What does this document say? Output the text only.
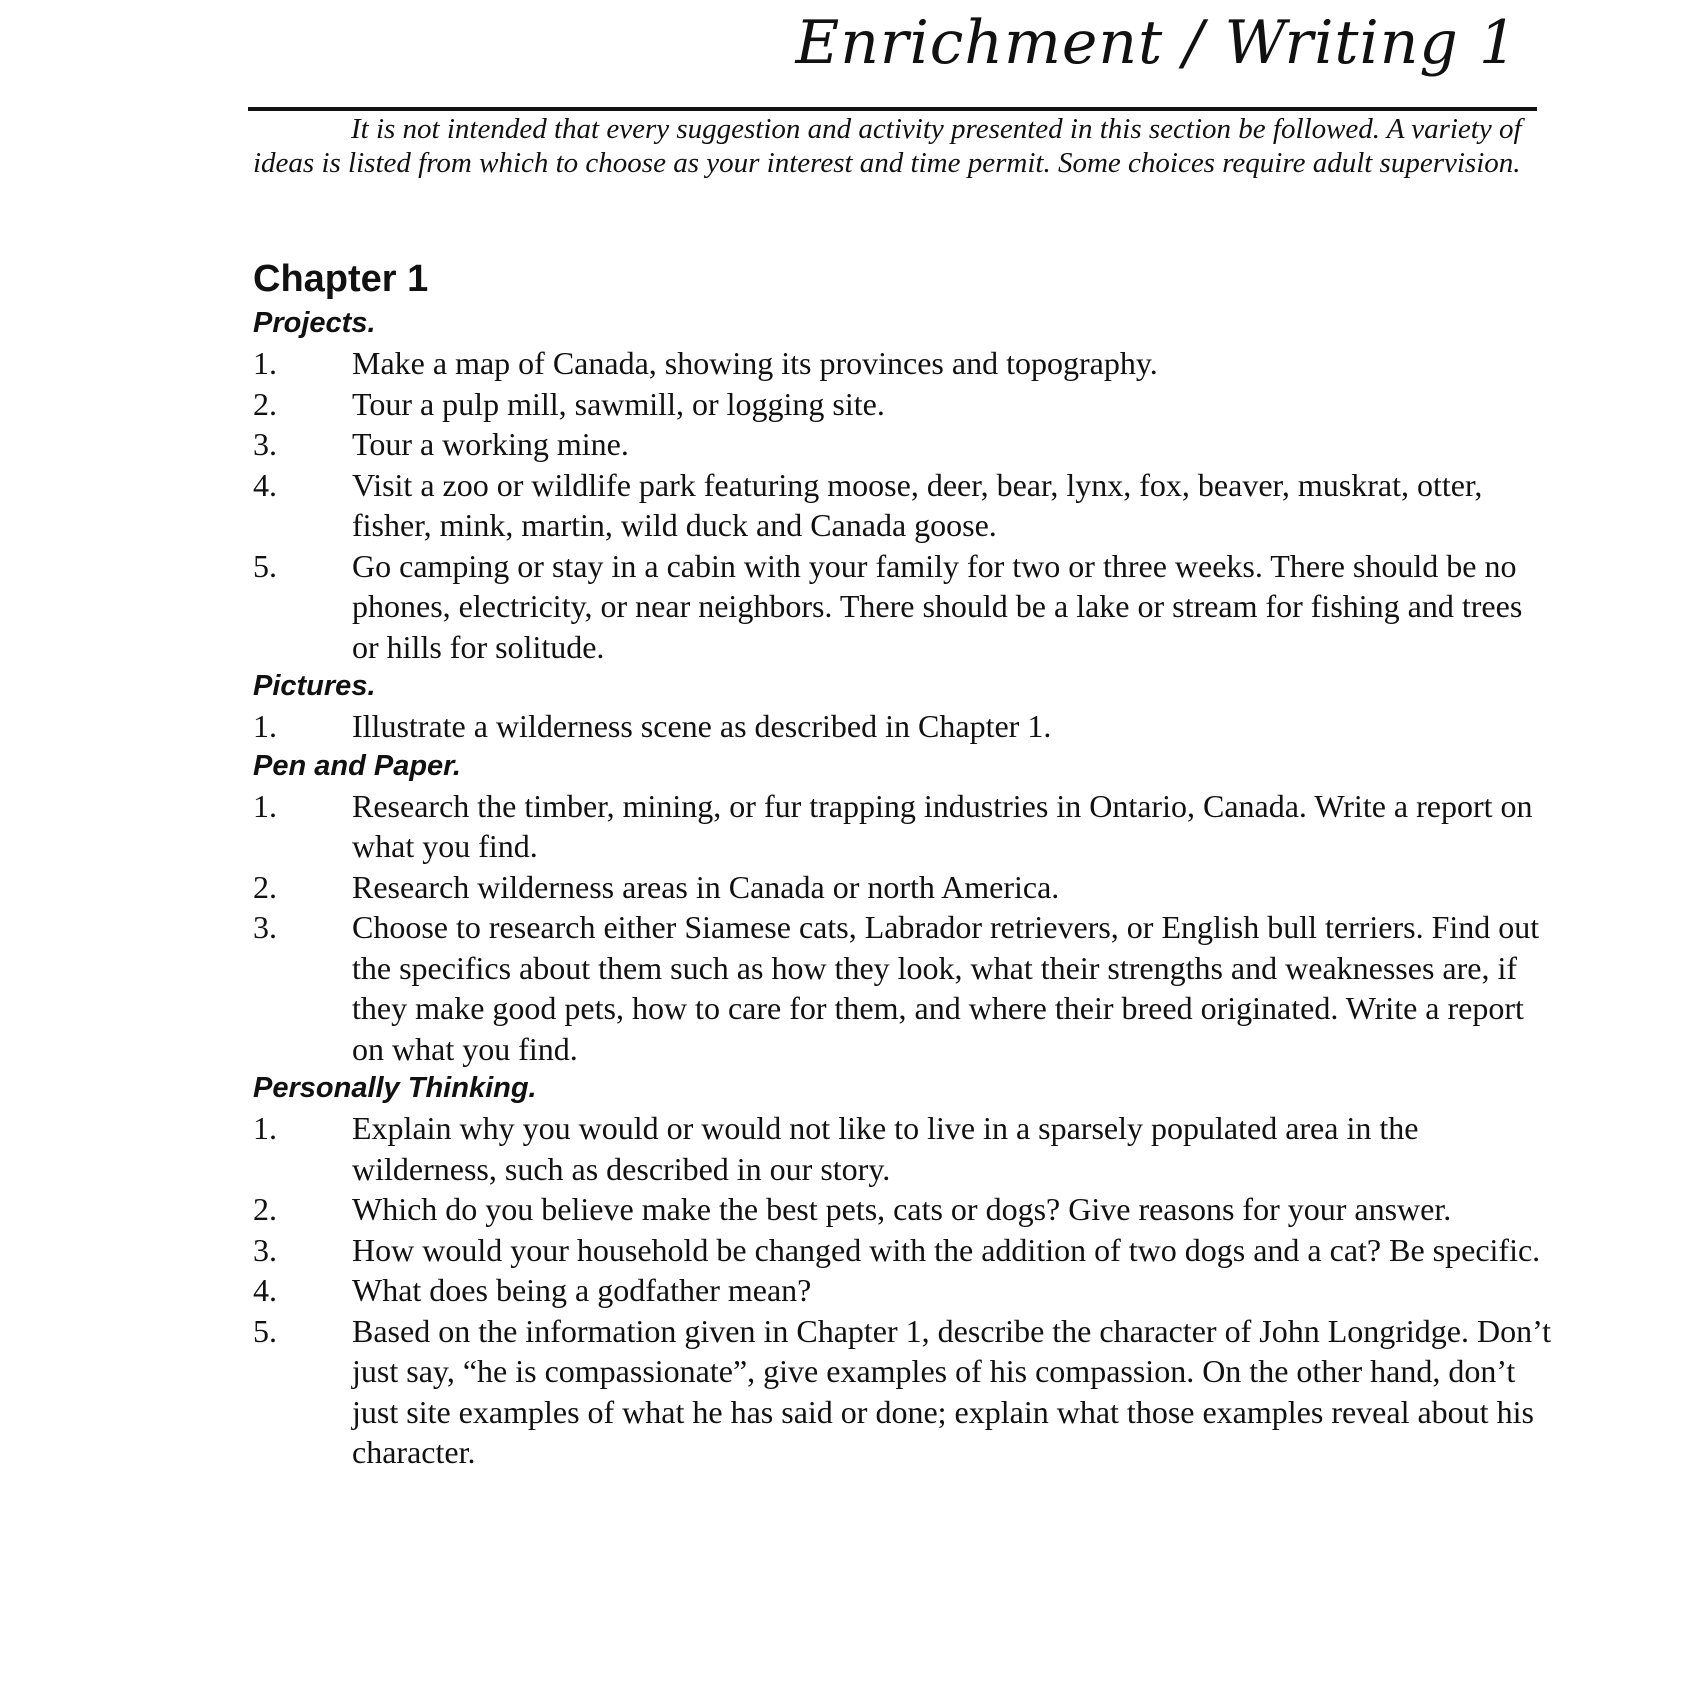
Enrichment / Writing 1

It is not intended that every suggestion and activity presented in this section be followed. A variety of ideas is listed from which to choose as your interest and time permit. Some choices require adult supervision.

Chapter 1
Projects.
1.	Make a map of Canada, showing its provinces and topography.
2.	Tour a pulp mill, sawmill, or logging site.
3.	Tour a working mine.
4.	Visit a zoo or wildlife park featuring moose, deer, bear, lynx, fox, beaver, muskrat, otter, fisher, mink, martin, wild duck and Canada goose.
5.	Go camping or stay in a cabin with your family for two or three weeks. There should be no phones, electricity, or near neighbors. There should be a lake or stream for fishing and trees or hills for solitude.
Pictures.
1.	Illustrate a wilderness scene as described in Chapter 1.
Pen and Paper.
1.	Research the timber, mining, or fur trapping industries in Ontario, Canada. Write a report on what you find.
2.	Research wilderness areas in Canada or north America.
3.	Choose to research either Siamese cats, Labrador retrievers, or English bull terriers. Find out the specifics about them such as how they look, what their strengths and weaknesses are, if they make good pets, how to care for them, and where their breed originated. Write a report on what you find.
Personally Thinking.
1.	Explain why you would or would not like to live in a sparsely populated area in the wilderness, such as described in our story.
2.	Which do you believe make the best pets, cats or dogs? Give reasons for your answer.
3.	How would your household be changed with the addition of two dogs and a cat? Be specific.
4.	What does being a godfather mean?
5.	Based on the information given in Chapter 1, describe the character of John Longridge. Don’t just say, “he is compassionate”, give examples of his compassion. On the other hand, don’t just site examples of what he has said or done; explain what those examples reveal about his character.
